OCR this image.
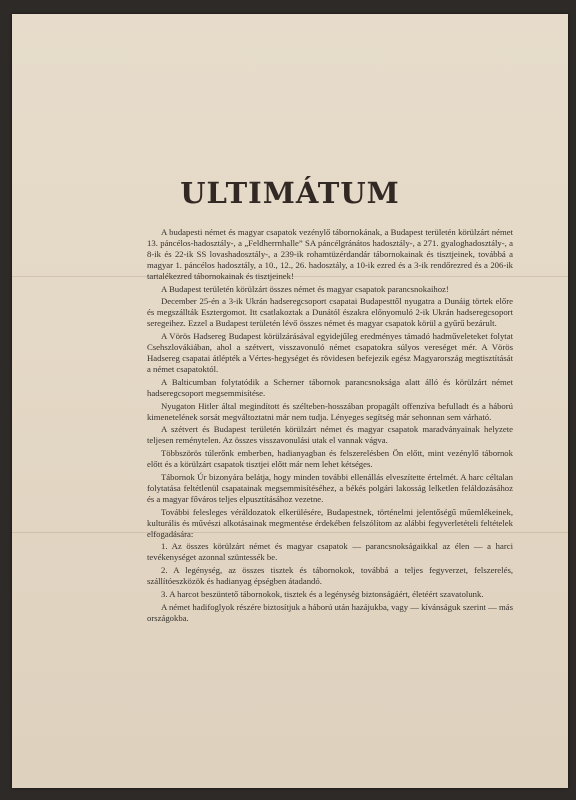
ULTIMÁTUM

A budapesti német és magyar csapatok vezénylő tábornokának, a Budapest területén körülzárt német 13. páncélos-hadosztály-, a „Feldherrnhalle” SA páncélgránátos hadosztály-, a 271. gyaloghadosztály-, a 8-ik és 22-ik SS lovashadosztály-, a 239-ik rohamtüzérdandár tábornokainak és tisztjeinek, továbbá a magyar 1. páncélos hadosztály, a 10., 12., 26. hadosztály, a 10-ik ezred és a 3-ik rendőrezred és a 206-ik tartalékezred tábornokainak és tisztjeinek!

A Budapest területén körülzárt összes német és magyar csapatok parancsnokaihoz!

December 25-én a 3-ik Ukrán hadseregcsoport csapatai Budapesttől nyugatra a Dunáig törtek előre és megszállták Esztergomot. Itt csatlakoztak a Dunától északra előnyomuló 2-ik Ukrán hadseregcsoport seregeihez. Ezzel a Budapest területén lévő összes német és magyar csapatok körül a gyűrű bezárult.

A Vörös Hadsereg Budapest körülzárásával egyidejűleg eredményes támadó hadműveleteket folytat Csehszlovákiában, ahol a szétvert, visszavonuló német csapatokra súlyos vereséget mér. A Vörös Hadsereg csapatai átlépték a Vértes-hegységet és rövidesen befejezik egész Magyarország megtisztítását a német csapatoktól.

A Balticumban folytatódik a Scherner tábornok parancsnoksága alatt álló és körülzárt német hadseregcsoport megsemmisítése.

Nyugaton Hitler által megindított és szélteben-hosszában propagált offenzíva befulladt és a háború kimenetelének sorsát megváltoztatni már nem tudja. Lényeges segítség már sehonnan sem várható.

A szétvert és Budapest területén körülzárt német és magyar csapatok maradványainak helyzete teljesen reménytelen. Az összes visszavonulási utak el vannak vágva.

Többszörös túlerőnk emberben, hadianyagban és felszerelésben Ön előtt, mint vezénylő tábornok előtt és a körülzárt csapatok tisztjei előtt már nem lehet kétséges.

Tábornok Úr bizonyára belátja, hogy minden további ellenállás elveszítette értelmét. A harc céltalan folytatása feltétlenül csapatainak megsemmisítéséhez, a békés polgári lakosság lelketlen feláldozásához és a magyar főváros teljes elpusztításához vezetne.

További felesleges véráldozatok elkerülésére, Budapestnek, történelmi jelentőségű műemlékeinek, kulturális és művészi alkotásainak megmentése érdekében felszólítom az alábbi fegyverletételi feltételek elfogadására:

1. Az összes körülzárt német és magyar csapatok — parancsnokságaikkal az élen — a harci tevékenységet azonnal szüntessék be.

2. A legénység, az összes tisztek és tábornokok, továbbá a teljes fegyverzet, felszerelés, szállítóeszközök és hadianyag épségben átadandó.

3. A harcot beszüntető tábornokok, tisztek és a legénység biztonságáért, életéért szavatolunk.

A német hadifoglyok részére biztosítjuk a háború után hazájukba, vagy — kívánságuk szerint — más országokba.
